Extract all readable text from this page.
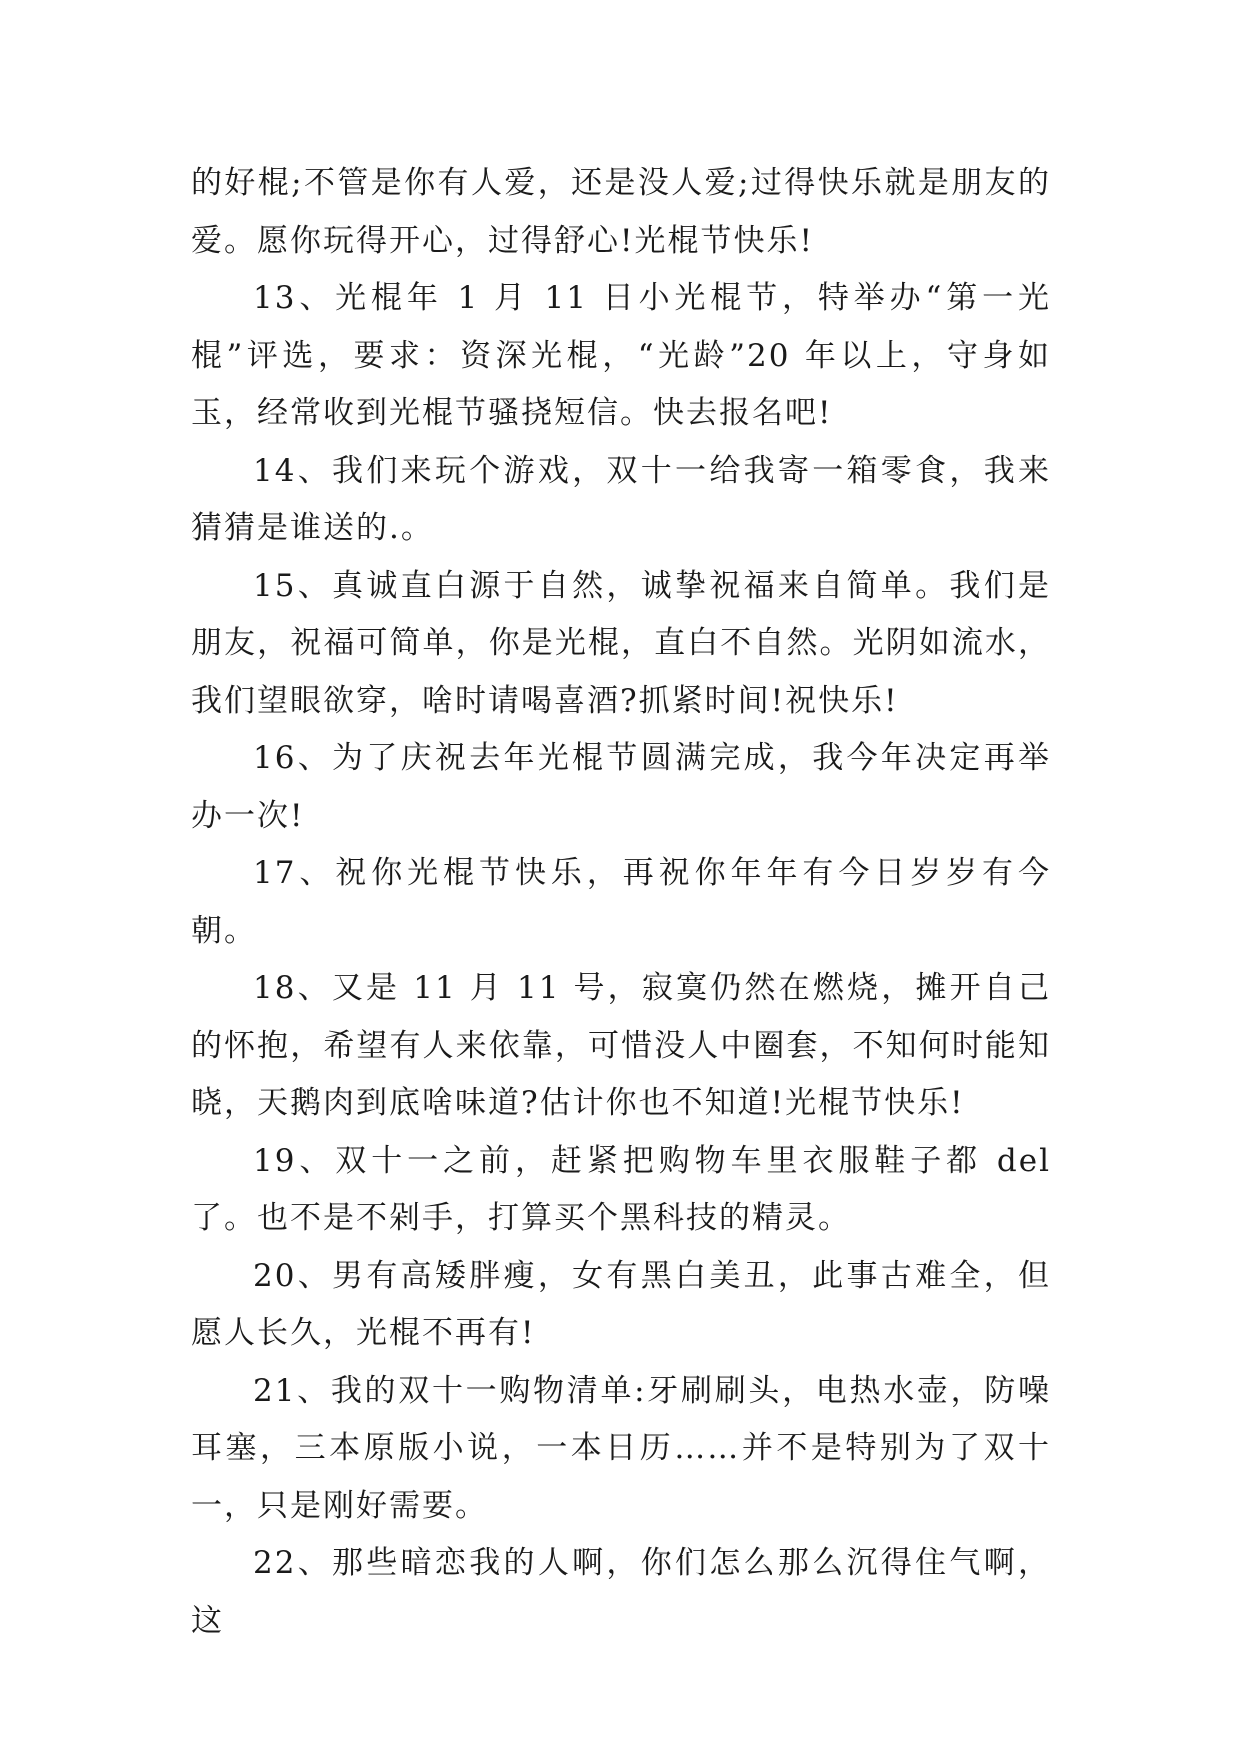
的好棍;不管是你有人爱，还是没人爱;过得快乐就是朋友的爱。愿你玩得开心，过得舒心!光棍节快乐!

13、光棍年 1 月 11 日小光棍节，特举办“第一光棍”评选，要求：资深光棍，“光龄”20 年以上，守身如玉，经常收到光棍节骚挠短信。快去报名吧!

14、我们来玩个游戏，双十一给我寄一箱零食，我来猜猜是谁送的.。

15、真诚直白源于自然，诚挚祝福来自简单。我们是朋友，祝福可简单，你是光棍，直白不自然。光阴如流水，我们望眼欲穿，啥时请喝喜酒?抓紧时间!祝快乐!

16、为了庆祝去年光棍节圆满完成，我今年决定再举办一次!

17、祝你光棍节快乐，再祝你年年有今日岁岁有今朝。

18、又是 11 月 11 号，寂寞仍然在燃烧，摊开自己的怀抱，希望有人来依靠，可惜没人中圈套，不知何时能知晓，天鹅肉到底啥味道?估计你也不知道!光棍节快乐!

19、双十一之前，赶紧把购物车里衣服鞋子都 del 了。也不是不剁手，打算买个黑科技的精灵。

20、男有高矮胖瘦，女有黑白美丑，此事古难全，但愿人长久，光棍不再有!

21、我的双十一购物清单:牙刷刷头，电热水壶，防噪耳塞，三本原版小说，一本日历……并不是特别为了双十一，只是刚好需要。

22、那些暗恋我的人啊，你们怎么那么沉得住气啊，这
